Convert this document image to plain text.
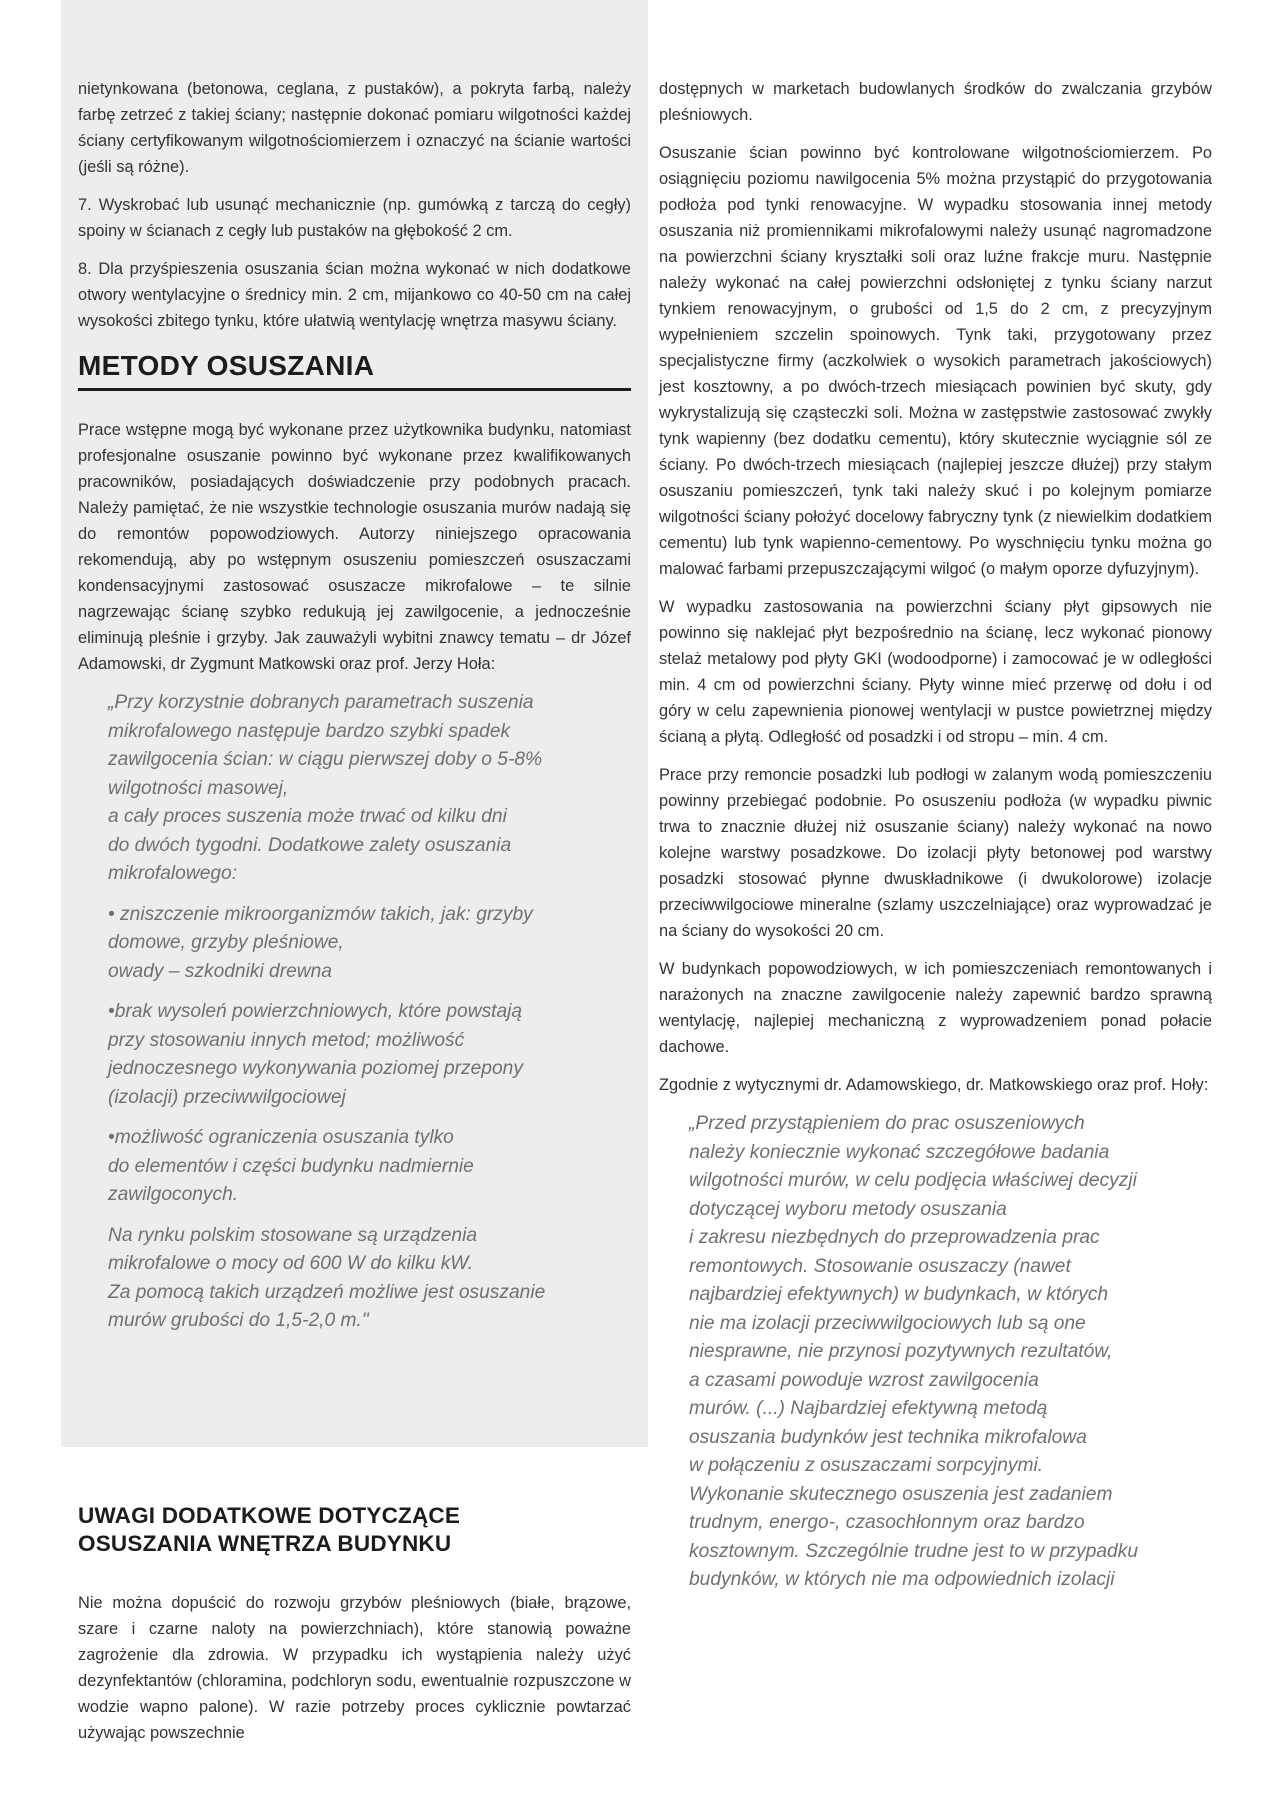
nietynkowana (betonowa, ceglana, z pustaków), a pokryta farbą, należy farbę zetrzeć z takiej ściany; następnie dokonać pomiaru wilgotności każdej ściany certyfikowanym wilgotnościomierzem i oznaczyć na ścianie wartości (jeśli są różne).

7. Wyskrobać lub usunąć mechanicznie (np. gumówką z tarczą do cegły) spoiny w ścianach z cegły lub pustaków na głębokość 2 cm.

8. Dla przyśpieszenia osuszania ścian można wykonać w nich dodatkowe otwory wentylacyjne o średnicy min. 2 cm, mijankowo co 40-50 cm na całej wysokości zbitego tynku, które ułatwią wentylację wnętrza masywu ściany.

METODY OSUSZANIA

Prace wstępne mogą być wykonane przez użytkownika budynku, natomiast profesjonalne osuszanie powinno być wykonane przez kwalifikowanych pracowników, posiadających doświadczenie przy podobnych pracach. Należy pamiętać, że nie wszystkie technologie osuszania murów nadają się do remontów popowodziowych. Autorzy niniejszego opracowania rekomendują, aby po wstępnym osuszeniu pomieszczeń osuszaczami kondensacyjnymi zastosować osuszacze mikrofalowe – te silnie nagrzewając ścianę szybko redukują jej zawilgocenie, a jednocześnie eliminują pleśnie i grzyby. Jak zauważyli wybitni znawcy tematu – dr Józef Adamowski, dr Zygmunt Matkowski oraz prof. Jerzy Hoła:

„Przy korzystnie dobranych parametrach suszenia
mikrofalowego następuje bardzo szybki spadek
zawilgocenia ścian: w ciągu pierwszej doby o 5-8%
wilgotności masowej,
a cały proces suszenia może trwać od kilku dni
do dwóch tygodni. Dodatkowe zalety osuszania
mikrofalowego:

• zniszczenie mikroorganizmów takich, jak: grzyby
domowe, grzyby pleśniowe,
owady – szkodniki drewna

•brak wysoleń powierzchniowych, które powstają
przy stosowaniu innych metod; możliwość
jednoczesnego wykonywania poziomej przepony
(izolacji) przeciwwilgociowej

•możliwość ograniczenia osuszania tylko
do elementów i części budynku nadmiernie
zawilgoconych.

Na rynku polskim stosowane są urządzenia
mikrofalowe o mocy od 600 W do kilku kW.
Za pomocą takich urządzeń możliwe jest osuszanie
murów grubości do 1,5-2,0 m."

UWAGI DODATKOWE DOTYCZĄCE
OSUSZANIA WNĘTRZA BUDYNKU

Nie można dopuścić do rozwoju grzybów pleśniowych (białe, brązowe, szare i czarne naloty na powierzchniach), które stanowią poważne zagrożenie dla zdrowia. W przypadku ich wystąpienia należy użyć dezynfektantów (chloramina, podchloryn sodu, ewentualnie rozpuszczone w wodzie wapno palone). W razie potrzeby proces cyklicznie powtarzać używając powszechnie

dostępnych w marketach budowlanych środków do zwalczania grzybów pleśniowych.

Osuszanie ścian powinno być kontrolowane wilgotnościomierzem. Po osiągnięciu poziomu nawilgocenia 5% można przystąpić do przygotowania podłoża pod tynki renowacyjne. W wypadku stosowania innej metody osuszania niż promiennikami mikrofalowymi należy usunąć nagromadzone na powierzchni ściany kryształki soli oraz luźne frakcje muru. Następnie należy wykonać na całej powierzchni odsłoniętej z tynku ściany narzut tynkiem renowacyjnym, o grubości od 1,5 do 2 cm, z precyzyjnym wypełnieniem szczelin spoinowych. Tynk taki, przygotowany przez specjalistyczne firmy (aczkolwiek o wysokich parametrach jakościowych) jest kosztowny, a po dwóch-trzech miesiącach powinien być skuty, gdy wykrystalizują się cząsteczki soli. Można w zastępstwie zastosować zwykły tynk wapienny (bez dodatku cementu), który skutecznie wyciągnie sól ze ściany. Po dwóch-trzech miesiącach (najlepiej jeszcze dłużej) przy stałym osuszaniu pomieszczeń, tynk taki należy skuć i po kolejnym pomiarze wilgotności ściany położyć docelowy fabryczny tynk (z niewielkim dodatkiem cementu) lub tynk wapienno-cementowy. Po wyschnięciu tynku można go malować farbami przepuszczającymi wilgoć (o małym oporze dyfuzyjnym).

W wypadku zastosowania na powierzchni ściany płyt gipsowych nie powinno się naklejać płyt bezpośrednio na ścianę, lecz wykonać pionowy stelaż metalowy pod płyty GKI (wodoodporne) i zamocować je w odległości min. 4 cm od powierzchni ściany. Płyty winne mieć przerwę od dołu i od góry w celu zapewnienia pionowej wentylacji w pustce powietrznej między ścianą a płytą. Odległość od posadzki i od stropu – min. 4 cm.

Prace przy remoncie posadzki lub podłogi w zalanym wodą pomieszczeniu powinny przebiegać podobnie. Po osuszeniu podłoża (w wypadku piwnic trwa to znacznie dłużej niż osuszanie ściany) należy wykonać na nowo kolejne warstwy posadzkowe. Do izolacji płyty betonowej pod warstwy posadzki stosować płynne dwuskładnikowe (i dwukolorowe) izolacje przeciwwilgociowe mineralne (szlamy uszczelniające) oraz wyprowadzać je na ściany do wysokości 20 cm.

W budynkach popowodziowych, w ich pomieszczeniach remontowanych i narażonych na znaczne zawilgocenie należy zapewnić bardzo sprawną wentylację, najlepiej mechaniczną z wyprowadzeniem ponad połacie dachowe.

Zgodnie z wytycznymi dr. Adamowskiego, dr. Matkowskiego oraz prof. Hoły:

„Przed przystąpieniem do prac osuszeniowych
należy koniecznie wykonać szczegółowe badania
wilgotności murów, w celu podjęcia właściwej decyzji
dotyczącej wyboru metody osuszania
i zakresu niezbędnych do przeprowadzenia prac
remontowych. Stosowanie osuszaczy (nawet
najbardziej efektywnych) w budynkach, w których
nie ma izolacji przeciwwilgociowych lub są one
niesprawne, nie przynosi pozytywnych rezultatów,
a czasami powoduje wzrost zawilgocenia
murów. (...) Najbardziej efektywną metodą
osuszania budynków jest technika mikrofalowa
w połączeniu z osuszaczami sorpcyjnymi.
Wykonanie skutecznego osuszenia jest zadaniem
trudnym, energo-, czasochłonnym oraz bardzo
kosztownym. Szczególnie trudne jest to w przypadku
budynków, w których nie ma odpowiednich izolacji
